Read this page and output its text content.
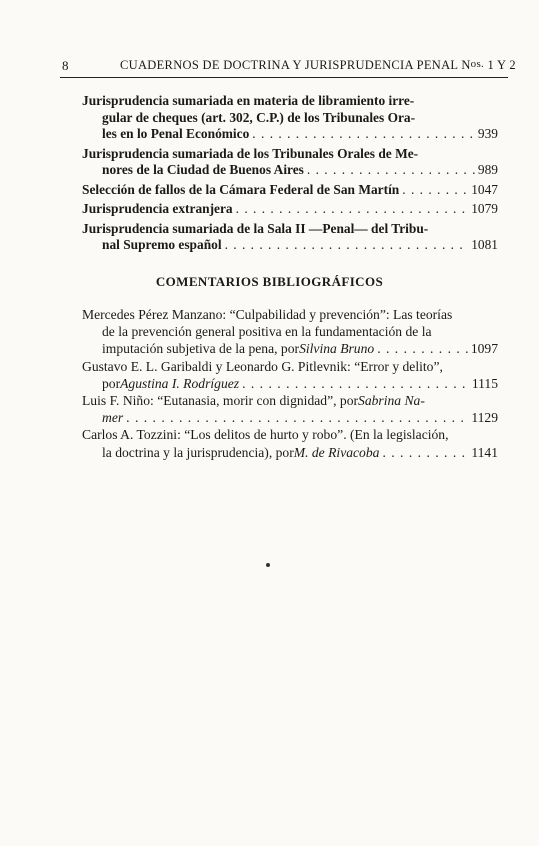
8	CUADERNOS DE DOCTRINA Y JURISPRUDENCIA PENAL Nos. 1 Y 2
Jurisprudencia sumariada en materia de libramiento irre-
gular de cheques (art. 302, C.P.) de los Tribunales Ora-
les en lo Penal Económico . . .	939
Jurisprudencia sumariada de los Tribunales Orales de Me-
nores de la Ciudad de Buenos Aires . . .	989
Selección de fallos de la Cámara Federal de San Martín . . .	1047
Jurisprudencia extranjera . . .	1079
Jurisprudencia sumariada de la Sala II —Penal— del Tribu-
nal Supremo español . . .	1081
COMENTARIOS BIBLIOGRÁFICOS
Mercedes Pérez Manzano: “Culpabilidad y prevención”: Las teorías
de la prevención general positiva en la fundamentación de la
imputación subjetiva de la pena, por Silvina Bruno . . .	1097
Gustavo E. L. Garibaldi y Leonardo G. Pitlevnik: “Error y delito”,
por Agustina I. Rodríguez . . .	1115
Luis F. Niño: “Eutanasia, morir con dignidad”, por Sabrina Na-
mer . . .	1129
Carlos A. Tozzini: “Los delitos de hurto y robo”. (En la legislación,
la doctrina y la jurisprudencia), por M. de Rivacoba . . .	1141
